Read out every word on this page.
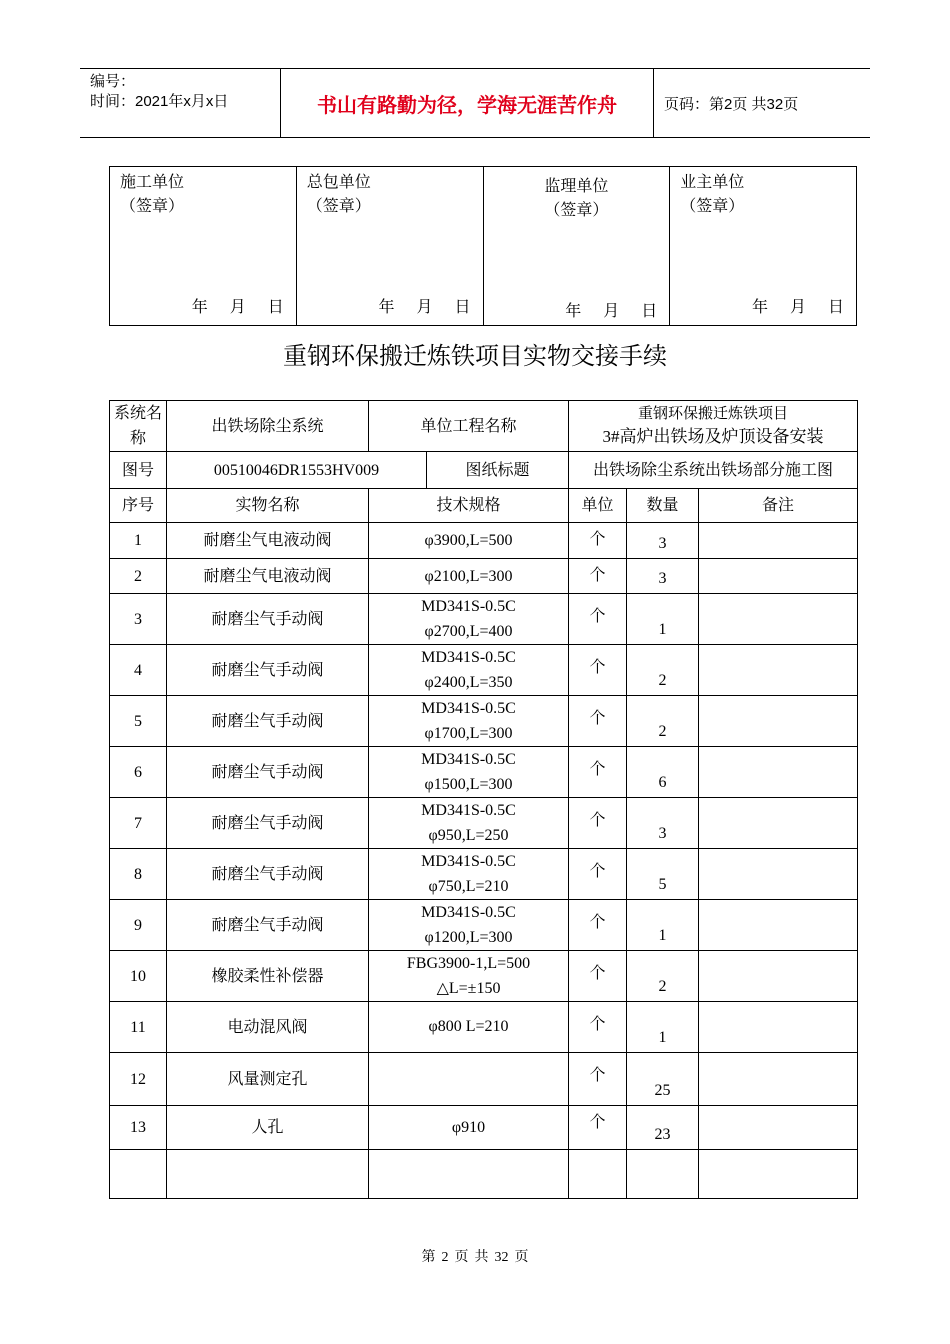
编号：
时间：2021年x月x日	书山有路勤为径，学海无涯苦作舟	页码：第2页 共32页
施工单位
（签章）
年 月 日

总包单位
（签章）
年 月 日

监理单位
（签章）
年 月 日

业主单位
（签章）
年 月 日
重钢环保搬迁炼铁项目实物交接手续
系统名称	出铁场除尘系统	单位工程名称		重钢环保搬迁炼铁项目
3#高炉出铁场及炉顶设备安装		

图号	00510046DR1553HV009		图纸标题	出铁场除尘系统出铁场部分施工图		
序号	实物名称	技术规格		单位	数量	备注
1	耐磨尘气电液动阀	φ3900,L=500		个	3	
2	耐磨尘气电液动阀	φ2100,L=300		个	3	
3	耐磨尘气手动阀	MD341S-0.5C
φ2700,L=400		个	1	
4	耐磨尘气手动阀	MD341S-0.5C
φ2400,L=350		个	2	
5	耐磨尘气手动阀	MD341S-0.5C
φ1700,L=300		个	2	
6	耐磨尘气手动阀	MD341S-0.5C
φ1500,L=300		个	6	
7	耐磨尘气手动阀	MD341S-0.5C
φ950,L=250		个	3	
8	耐磨尘气手动阀	MD341S-0.5C
φ750,L=210		个	5	
9	耐磨尘气手动阀	MD341S-0.5C
φ1200,L=300		个	1	
10	橡胶柔性补偿器	FBG3900-1,L=500
△L=±150		个	2	
11	电动混风阀	φ800 L=210		个	1	
12	风量测定孔			个	25	
13	人孔	φ910		个	23	

第 2 页 共 32 页
